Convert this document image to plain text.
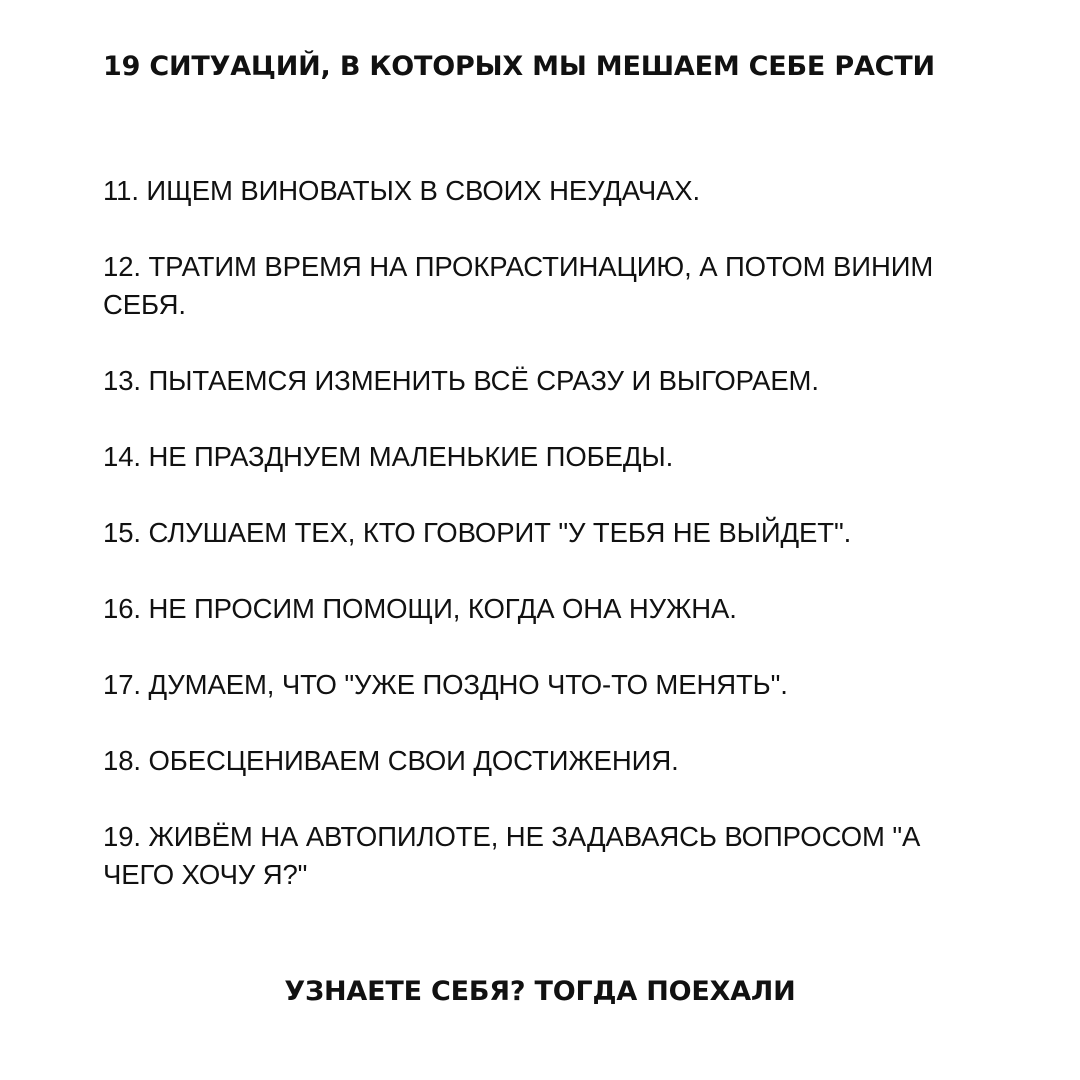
19 СИТУАЦИЙ, В КОТОРЫХ МЫ МЕШАЕМ СЕБЕ РАСТИ
11. ИЩЕМ ВИНОВАТЫХ В СВОИХ НЕУДАЧАХ.
12. ТРАТИМ ВРЕМЯ НА ПРОКРАСТИНАЦИЮ, А ПОТОМ ВИНИМ СЕБЯ.
13. ПЫТАЕМСЯ ИЗМЕНИТЬ ВСЁ СРАЗУ И ВЫГОРАЕМ.
14. НЕ ПРАЗДНУЕМ МАЛЕНЬКИЕ ПОБЕДЫ.
15. СЛУШАЕМ ТЕХ, КТО ГОВОРИТ "У ТЕБЯ НЕ ВЫЙДЕТ".
16. НЕ ПРОСИМ ПОМОЩИ, КОГДА ОНА НУЖНА.
17. ДУМАЕМ, ЧТО "УЖЕ ПОЗДНО ЧТО-ТО МЕНЯТЬ".
18. ОБЕСЦЕНИВАЕМ СВОИ ДОСТИЖЕНИЯ.
19. ЖИВЁМ НА АВТОПИЛОТЕ, НЕ ЗАДАВАЯСЬ ВОПРОСОМ "А ЧЕГО ХОЧУ Я?"
УЗНАЕТЕ СЕБЯ? ТОГДА ПОЕХАЛИ
